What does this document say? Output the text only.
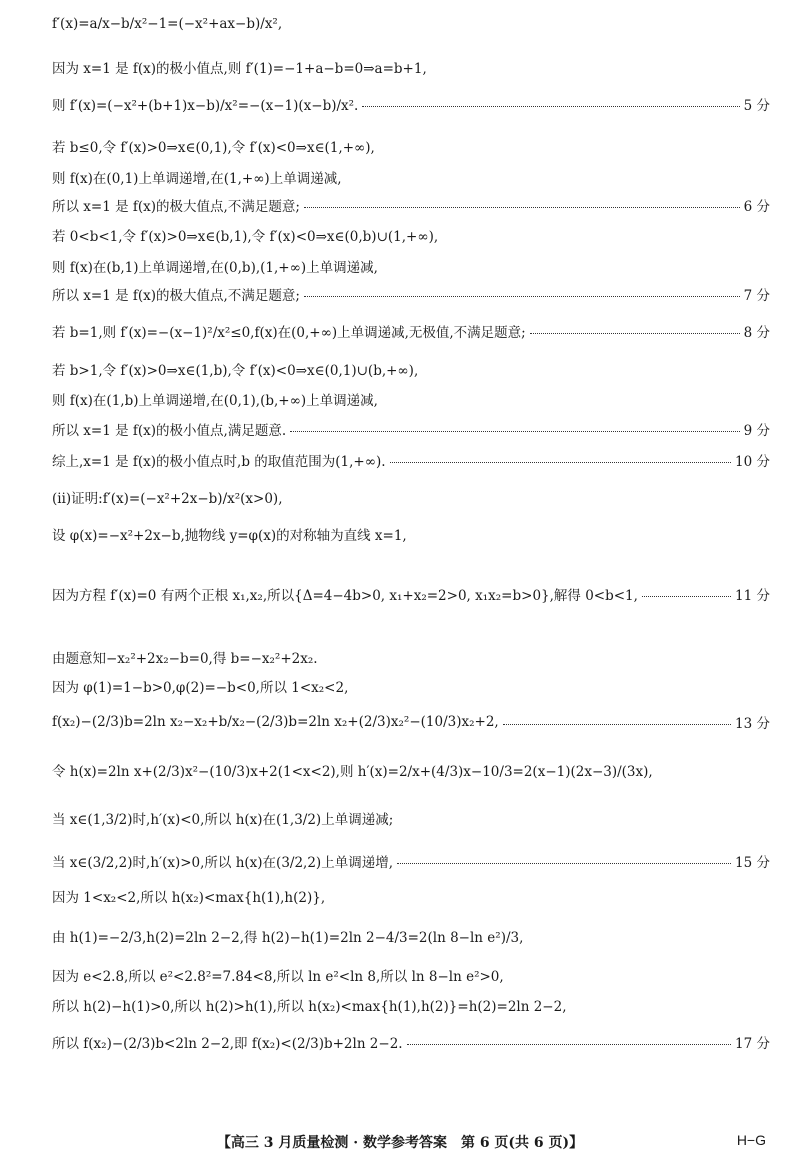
f′(x)=a/x−b/x²−1=(−x²+ax−b)/x²,
因为 x=1 是 f(x)的极小值点,则 f′(1)=−1+a−b=0⇒a=b+1,
则 f′(x)=(−x²+(b+1)x−b)/x²=−(x−1)(x−b)/x².	5 分
若 b≤0,令 f′(x)>0⇒x∈(0,1),令 f′(x)<0⇒x∈(1,+∞),
则 f(x)在(0,1)上单调递增,在(1,+∞)上单调递减,
所以 x=1 是 f(x)的极大值点,不满足题意;	6 分
若 0<b<1,令 f′(x)>0⇒x∈(b,1),令 f′(x)<0⇒x∈(0,b)∪(1,+∞),
则 f(x)在(b,1)上单调递增,在(0,b),(1,+∞)上单调递减,
所以 x=1 是 f(x)的极大值点,不满足题意;	7 分
若 b=1,则 f′(x)=−(x−1)²/x²≤0,f(x)在(0,+∞)上单调递减,无极值,不满足题意;	8 分
若 b>1,令 f′(x)>0⇒x∈(1,b),令 f′(x)<0⇒x∈(0,1)∪(b,+∞),
则 f(x)在(1,b)上单调递增,在(0,1),(b,+∞)上单调递减,
所以 x=1 是 f(x)的极小值点,满足题意.	9 分
综上,x=1 是 f(x)的极小值点时,b 的取值范围为(1,+∞).	10 分
(ⅱ)证明:f′(x)=(−x²+2x−b)/x²(x>0),
设 φ(x)=−x²+2x−b,抛物线 y=φ(x)的对称轴为直线 x=1,
因为方程 f′(x)=0 有两个正根 x₁,x₂,所以{Δ=4−4b>0, x₁+x₂=2>0, x₁x₂=b>0},解得 0<b<1,	11 分
由题意知−x₂²+2x₂−b=0,得 b=−x₂²+2x₂.
因为 φ(1)=1−b>0,φ(2)=−b<0,所以 1<x₂<2,
f(x₂)−(2/3)b=2ln x₂−x₂+b/x₂−(2/3)b=2ln x₂+(2/3)x₂²−(10/3)x₂+2,	13 分
令 h(x)=2ln x+(2/3)x²−(10/3)x+2(1<x<2),则 h′(x)=2/x+(4/3)x−10/3=2(x−1)(2x−3)/(3x),
当 x∈(1,3/2)时,h′(x)<0,所以 h(x)在(1,3/2)上单调递减;
当 x∈(3/2,2)时,h′(x)>0,所以 h(x)在(3/2,2)上单调递增,	15 分
因为 1<x₂<2,所以 h(x₂)<max{h(1),h(2)},
由 h(1)=−2/3,h(2)=2ln 2−2,得 h(2)−h(1)=2ln 2−4/3=2(ln 8−ln e²)/3,
因为 e<2.8,所以 e²<2.8²=7.84<8,所以 ln e²<ln 8,所以 ln 8−ln e²>0,
所以 h(2)−h(1)>0,所以 h(2)>h(1),所以 h(x₂)<max{h(1),h(2)}=h(2)=2ln 2−2,
所以 f(x₂)−(2/3)b<2ln 2−2,即 f(x₂)<(2/3)b+2ln 2−2.	17 分
【高三 3 月质量检测 · 数学参考答案　第 6 页(共 6 页)】	H−G
